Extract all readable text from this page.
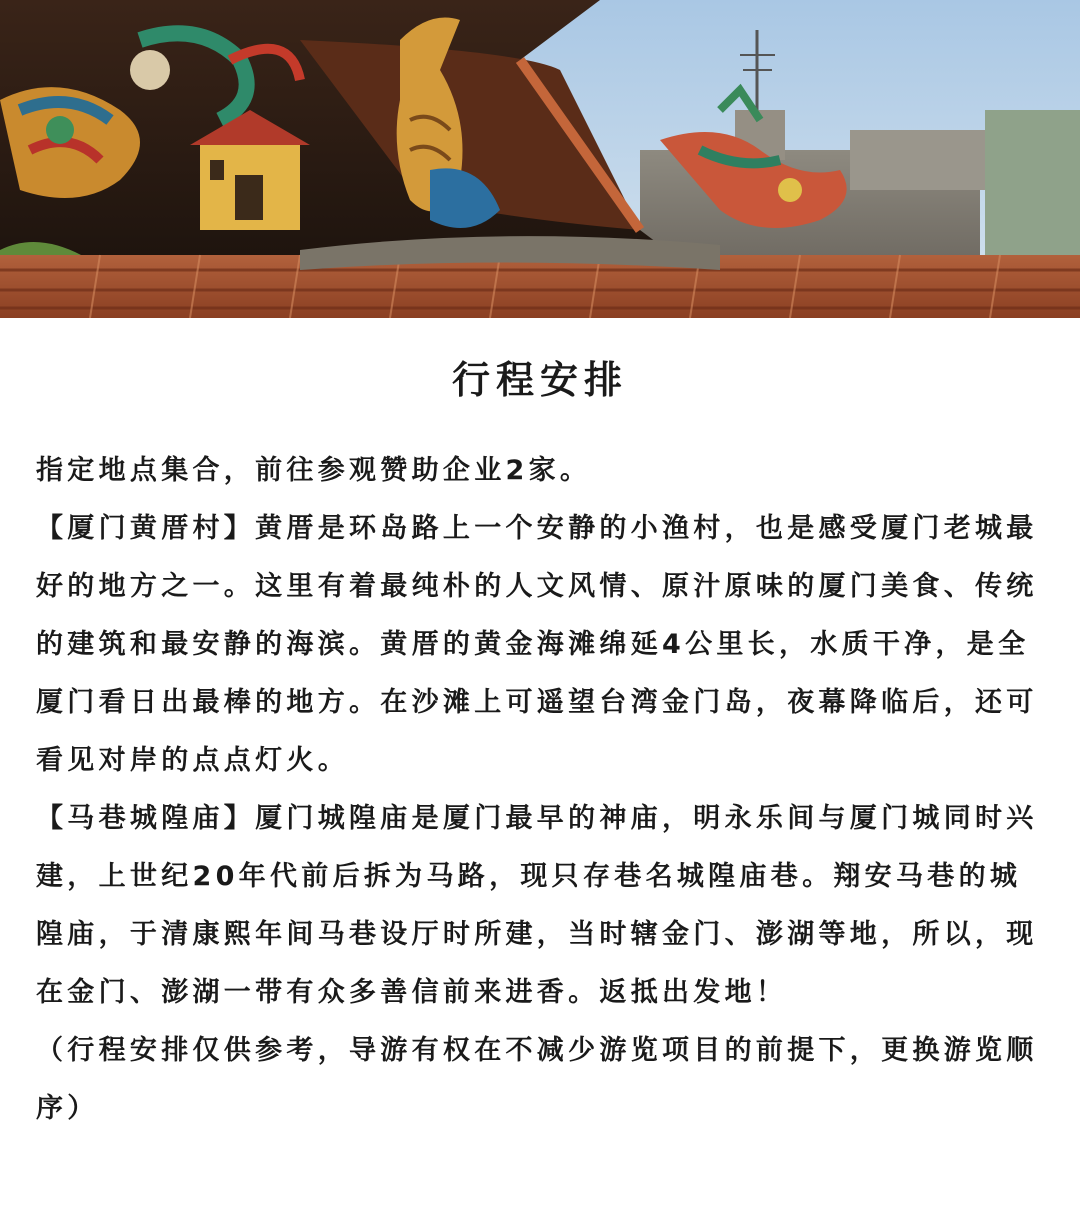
行程安排

指定地点集合，前往参观赞助企业2家。

【厦门黄厝村】黄厝是环岛路上一个安静的小渔村，也是感受厦门老城最好的地方之一。这里有着最纯朴的人文风情、原汁原味的厦门美食、传统的建筑和最安静的海滨。黄厝的黄金海滩绵延4公里长，水质干净，是全厦门看日出最棒的地方。在沙滩上可遥望台湾金门岛，夜幕降临后，还可看见对岸的点点灯火。

【马巷城隍庙】厦门城隍庙是厦门最早的神庙，明永乐间与厦门城同时兴建，上世纪20年代前后拆为马路，现只存巷名城隍庙巷。翔安马巷的城隍庙，于清康熙年间马巷设厅时所建，当时辖金门、澎湖等地，所以，现在金门、澎湖一带有众多善信前来进香。返抵出发地！

（行程安排仅供参考，导游有权在不减少游览项目的前提下，更换游览顺序）
